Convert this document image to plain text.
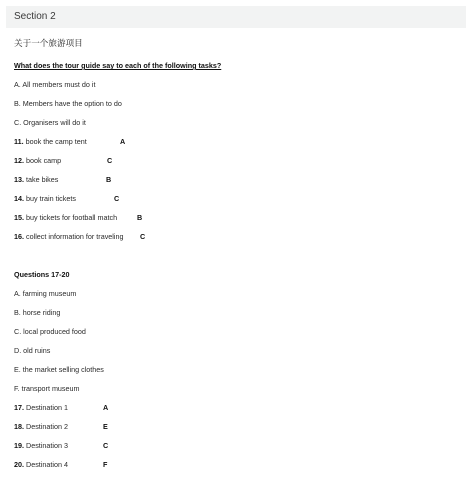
Section 2
关于一个旅游项目
What does the tour guide say to each of the following tasks?
A. All members must do it
B. Members have the option to do
C. Organisers will do it
11. book the camp tent	A
12. book camp	C
13. take bikes	B
14. buy train tickets	C
15. buy tickets for football match	B
16. collect information for traveling C
Questions 17-20
A. farming museum
B. horse riding
C. local produced food
D. old ruins
E. the market selling clothes
F. transport museum
17. Destination 1	A
18. Destination 2	E
19. Destination 3	C
20. Destination 4	F
